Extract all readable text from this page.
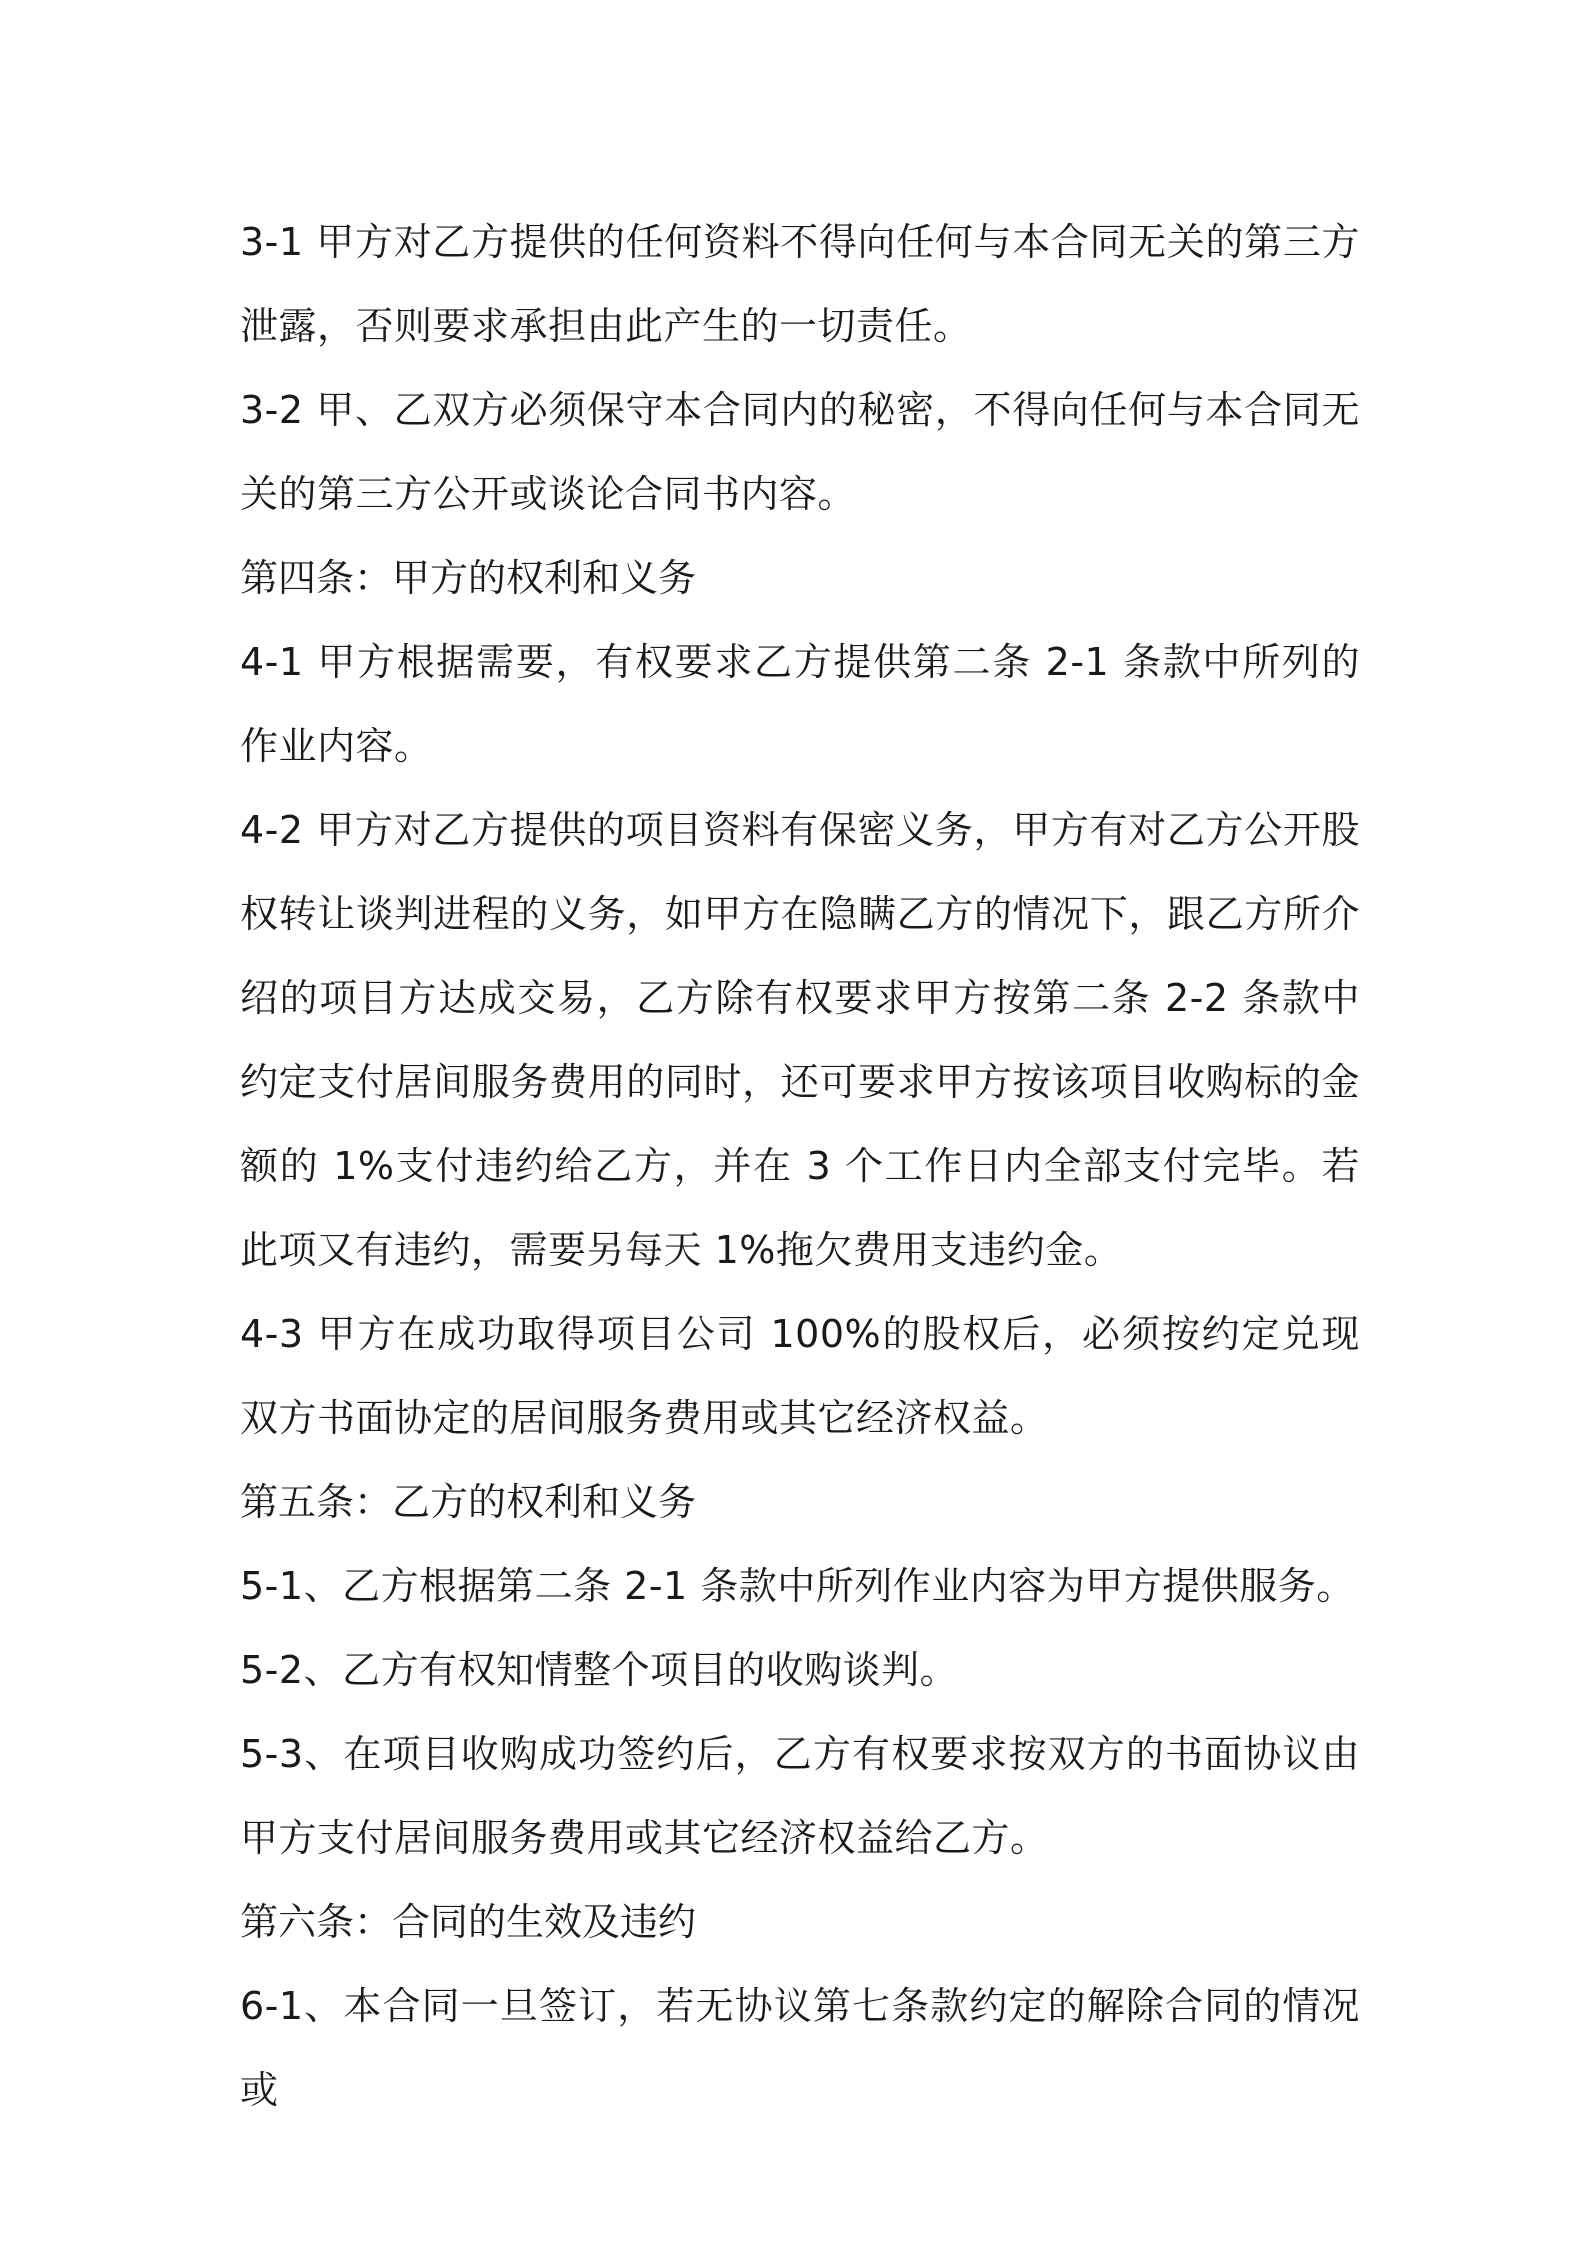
3-1 甲方对乙方提供的任何资料不得向任何与本合同无关的第三方泄露，否则要求承担由此产生的一切责任。

3-2 甲、乙双方必须保守本合同内的秘密，不得向任何与本合同无关的第三方公开或谈论合同书内容。

第四条：甲方的权利和义务

4-1 甲方根据需要，有权要求乙方提供第二条 2-1 条款中所列的作业内容。

4-2 甲方对乙方提供的项目资料有保密义务，甲方有对乙方公开股权转让谈判进程的义务，如甲方在隐瞒乙方的情况下，跟乙方所介绍的项目方达成交易，乙方除有权要求甲方按第二条 2-2 条款中约定支付居间服务费用的同时，还可要求甲方按该项目收购标的金额的 1%支付违约给乙方，并在 3 个工作日内全部支付完毕。若此项又有违约，需要另每天 1%拖欠费用支违约金。

4-3 甲方在成功取得项目公司 100%的股权后，必须按约定兑现双方书面协定的居间服务费用或其它经济权益。

第五条：乙方的权利和义务

5-1、乙方根据第二条 2-1 条款中所列作业内容为甲方提供服务。

5-2、乙方有权知情整个项目的收购谈判。

5-3、在项目收购成功签约后，乙方有权要求按双方的书面协议由甲方支付居间服务费用或其它经济权益给乙方。

第六条：合同的生效及违约

6-1、本合同一旦签订，若无协议第七条款约定的解除合同的情况或
